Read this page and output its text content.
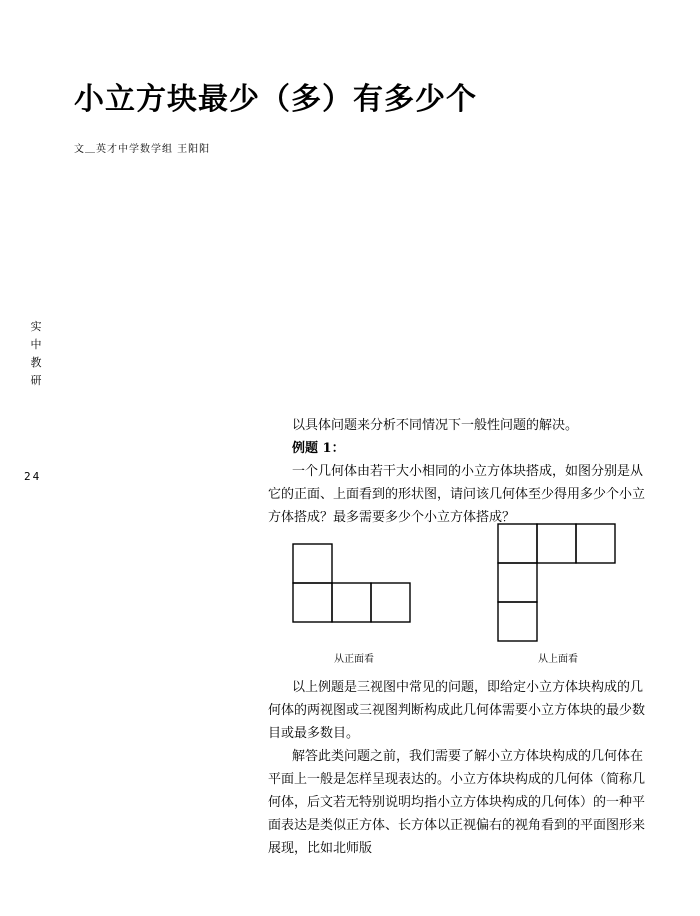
小立方块最少（多）有多少个
文＿英才中学数学组 王阳阳
实
中
教
研
24

以具体问题来分析不同情况下一般性问题的解决。

例题 1：

一个几何体由若干大小相同的小立方体块搭成，如图分别是从它的正面、上面看到的形状图，请问该几何体至少得用多少个小立方体搭成？最多需要多少个小立方体搭成？

从正面看	从上面看

以上例题是三视图中常见的问题，即给定小立方体块构成的几何体的两视图或三视图判断构成此几何体需要小立方体块的最少数目或最多数目。

解答此类问题之前，我们需要了解小立方体块构成的几何体在平面上一般是怎样呈现表达的。小立方体块构成的几何体（简称几何体，后文若无特别说明均指小立方体块构成的几何体）的一种平面表达是类似正方体、长方体以正视偏右的视角看到的平面图形来展现，比如北师版
